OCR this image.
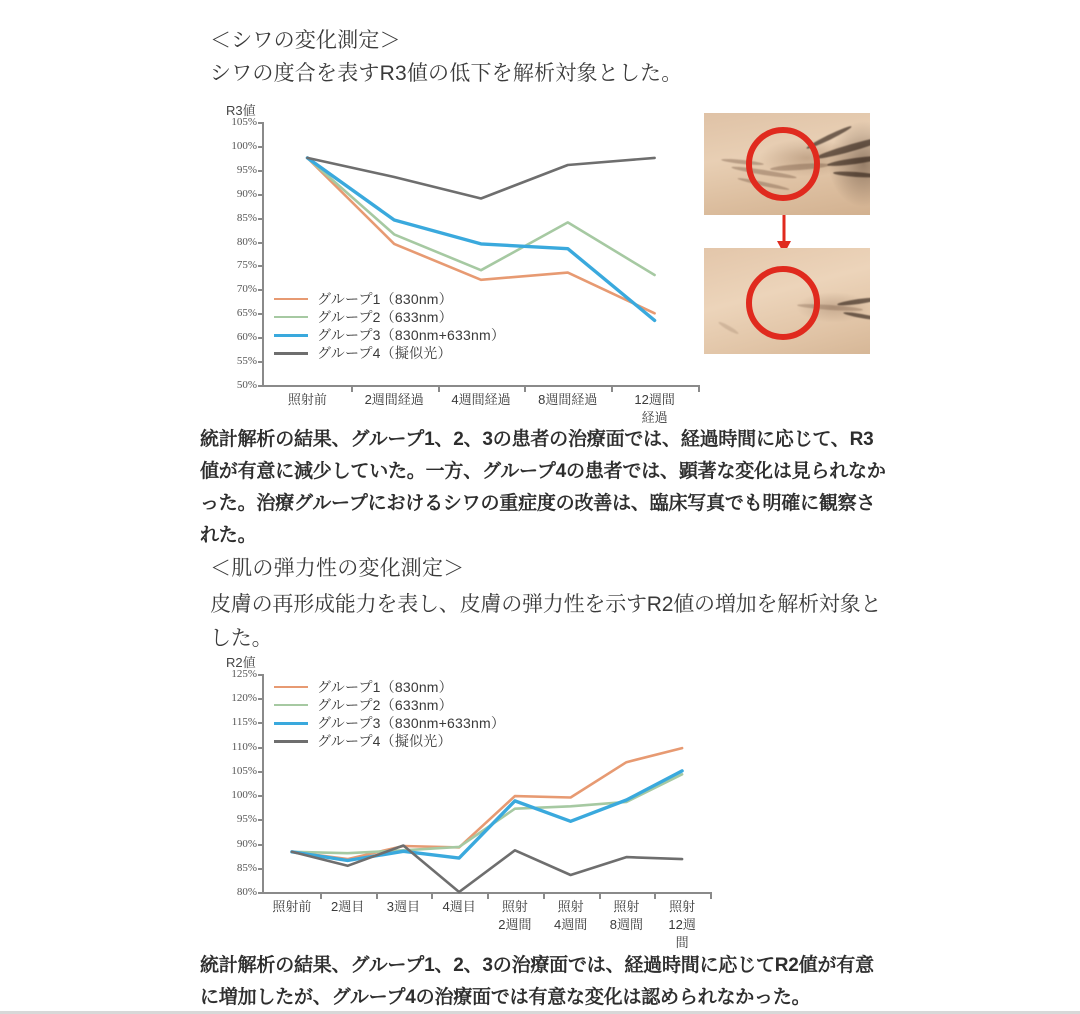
＜シワの変化測定＞
シワの度合を表すR3値の低下を解析対象とした。
R3値
105%
100%
95%
90%
85%
80%
75%
70%
65%
60%
55%
50%
照射前	2週間経過 4週間経過 8週間経過	12週間経過
グループ1（830nm）
グループ2（633nm）
グループ3（830nm+633nm）
グループ4（擬似光）
統計解析の結果、グループ1、2、3の患者の治療面では、経過時間に応じて、R3値が有意に減少していた。一方、グループ4の患者では、顕著な変化は見られなかった。治療グループにおけるシワの重症度の改善は、臨床写真でも明確に観察された。
＜肌の弾力性の変化測定＞
皮膚の再形成能力を表し、皮膚の弾力性を示すR2値の増加を解析対象とした。
R2値
125%
120%
115%
110%
105%
100%
95%
90%
85%
80%
照射前 2週目 3週目 4週目 照射
2週間
照射
4週間
照射
8週間
照射
12週間
グループ1（830nm）
グループ2（633nm）
グループ3（830nm+633nm）
グループ4（擬似光）
統計解析の結果、グループ1、2、3の治療面では、経過時間に応じてR2値が有意に増加したが、グループ4の治療面では有意な変化は認められなかった。
